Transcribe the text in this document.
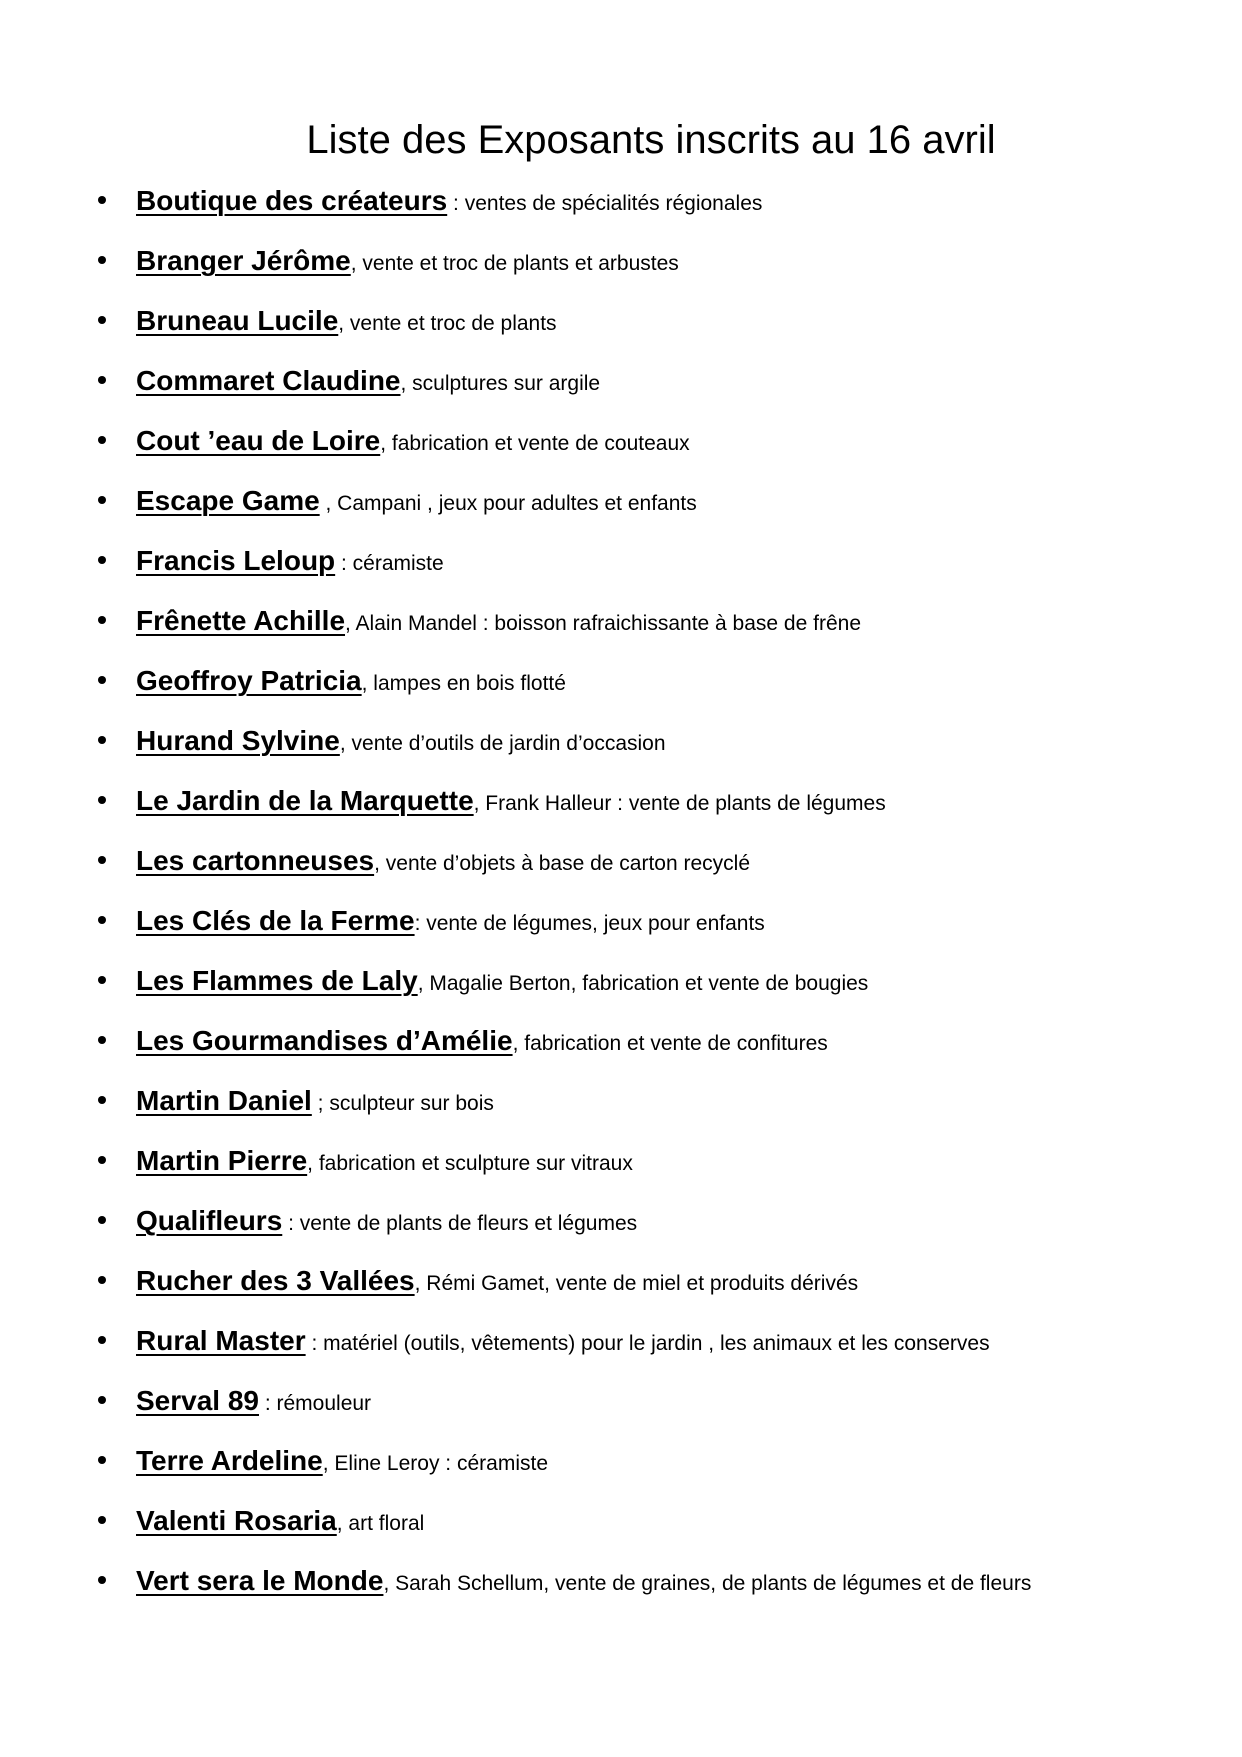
Liste des Exposants inscrits au 16 avril
Boutique des créateurs : ventes de spécialités régionales
Branger Jérôme, vente et troc de plants et arbustes
Bruneau Lucile, vente et troc de plants
Commaret Claudine, sculptures sur argile
Cout ’eau de Loire, fabrication et vente de couteaux
Escape Game , Campani , jeux pour adultes et enfants
Francis Leloup : céramiste
Frênette Achille, Alain Mandel : boisson rafraichissante à base de frêne
Geoffroy Patricia, lampes en bois flotté
Hurand Sylvine, vente d’outils de jardin d’occasion
Le Jardin de la Marquette, Frank Halleur : vente de plants de légumes
Les cartonneuses, vente d’objets à base de carton recyclé
Les Clés de la Ferme: vente de légumes, jeux pour enfants
Les Flammes de Laly, Magalie Berton, fabrication et vente de bougies
Les Gourmandises d’Amélie, fabrication et vente de confitures
Martin Daniel ; sculpteur sur bois
Martin Pierre, fabrication et sculpture sur vitraux
Qualifleurs : vente de plants de fleurs et légumes
Rucher des 3 Vallées, Rémi Gamet, vente de miel et produits dérivés
Rural Master : matériel (outils, vêtements) pour le jardin , les animaux et les conserves
Serval 89 : rémouleur
Terre Ardeline, Eline Leroy : céramiste
Valenti Rosaria, art floral
Vert sera le Monde, Sarah Schellum, vente de graines, de plants de légumes et de fleurs
